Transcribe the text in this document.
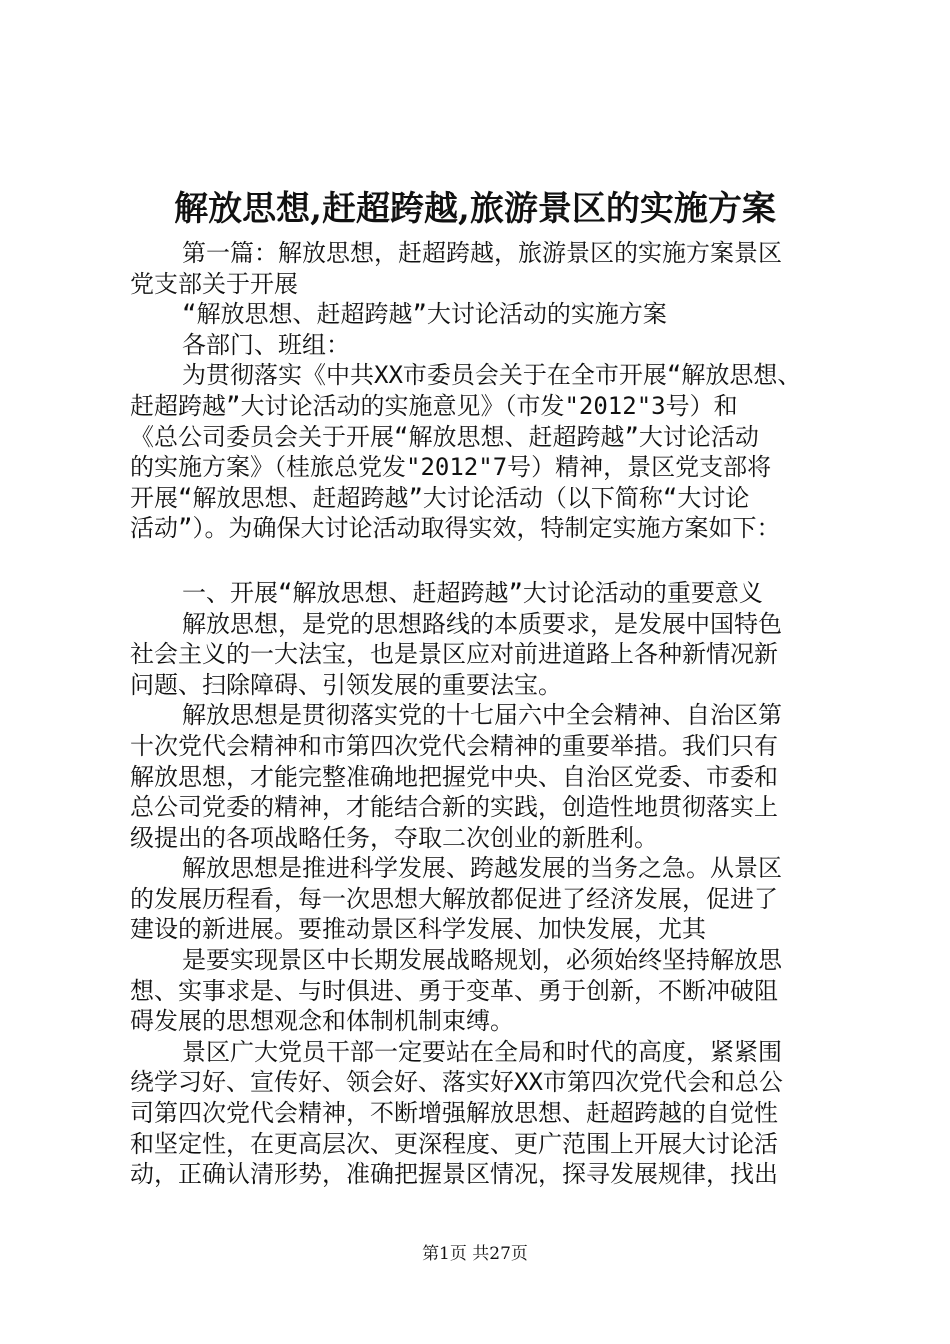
解放思想,赶超跨越,旅游景区的实施方案
第一篇：解放思想，赶超跨越，旅游景区的实施方案景区
党支部关于开展
“解放思想、赶超跨越”大讨论活动的实施方案
各部门、班组：
为贯彻落实《中共XX市委员会关于在全市开展“解放思想、
赶超跨越”大讨论活动的实施意见》（市发"2012"3号）和
《总公司委员会关于开展“解放思想、赶超跨越”大讨论活动
的实施方案》（桂旅总党发"2012"7号）精神，景区党支部将
开展“解放思想、赶超跨越”大讨论活动（以下简称“大讨论
活动”）。为确保大讨论活动取得实效，特制定实施方案如下：
一、开展“解放思想、赶超跨越”大讨论活动的重要意义
解放思想，是党的思想路线的本质要求，是发展中国特色
社会主义的一大法宝，也是景区应对前进道路上各种新情况新
问题、扫除障碍、引领发展的重要法宝。
解放思想是贯彻落实党的十七届六中全会精神、自治区第
十次党代会精神和市第四次党代会精神的重要举措。我们只有
解放思想，才能完整准确地把握党中央、自治区党委、市委和
总公司党委的精神，才能结合新的实践，创造性地贯彻落实上
级提出的各项战略任务，夺取二次创业的新胜利。
解放思想是推进科学发展、跨越发展的当务之急。从景区
的发展历程看，每一次思想大解放都促进了经济发展，促进了
建设的新进展。要推动景区科学发展、加快发展，尤其
是要实现景区中长期发展战略规划，必须始终坚持解放思
想、实事求是、与时俱进、勇于变革、勇于创新，不断冲破阻
碍发展的思想观念和体制机制束缚。
景区广大党员干部一定要站在全局和时代的高度，紧紧围
绕学习好、宣传好、领会好、落实好XX市第四次党代会和总公
司第四次党代会精神，不断增强解放思想、赶超跨越的自觉性
和坚定性，在更高层次、更深程度、更广范围上开展大讨论活
动，正确认清形势，准确把握景区情况，探寻发展规律，找出
第1页 共27页
